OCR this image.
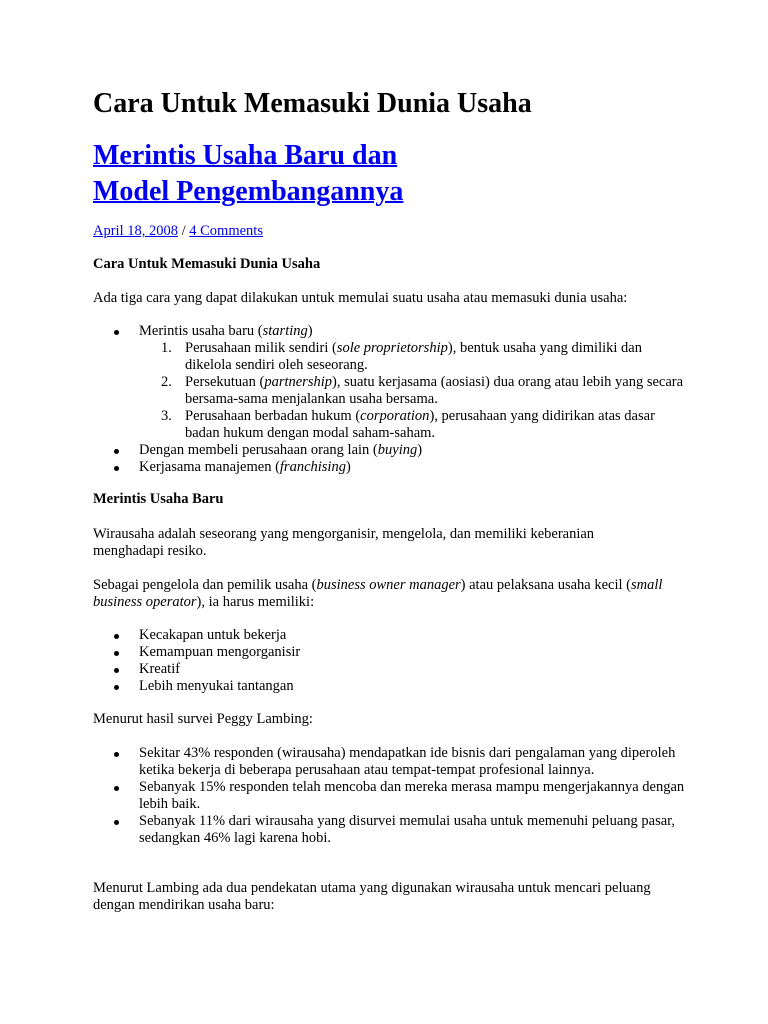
Cara Untuk Memasuki Dunia Usaha
Merintis Usaha Baru dan
Model Pengembangannya
April 18, 2008 / 4 Comments

Cara Untuk Memasuki Dunia Usaha

Ada tiga cara yang dapat dilakukan untuk memulai suatu usaha atau memasuki dunia usaha:

Merintis usaha baru (starting)
1. Perusahaan milik sendiri (sole proprietorship), bentuk usaha yang dimiliki dan dikelola sendiri oleh seseorang.
2. Persekutuan (partnership), suatu kerjasama (aosiasi) dua orang atau lebih yang secara bersama-sama menjalankan usaha bersama.
3. Perusahaan berbadan hukum (corporation), perusahaan yang didirikan atas dasar badan hukum dengan modal saham-saham.
Dengan membeli perusahaan orang lain (buying)
Kerjasama manajemen (franchising)

Merintis Usaha Baru

Wirausaha adalah seseorang yang mengorganisir, mengelola, dan memiliki keberanian menghadapi resiko.

Sebagai pengelola dan pemilik usaha (business owner manager) atau pelaksana usaha kecil (small business operator), ia harus memiliki:

Kecakapan untuk bekerja
Kemampuan mengorganisir
Kreatif
Lebih menyukai tantangan

Menurut hasil survei Peggy Lambing:

Sekitar 43% responden (wirausaha) mendapatkan ide bisnis dari pengalaman yang diperoleh ketika bekerja di beberapa perusahaan atau tempat-tempat profesional lainnya.
Sebanyak 15% responden telah mencoba dan mereka merasa mampu mengerjakannya dengan lebih baik.
Sebanyak 11% dari wirausaha yang disurvei memulai usaha untuk memenuhi peluang pasar, sedangkan 46% lagi karena hobi.

Menurut Lambing ada dua pendekatan utama yang digunakan wirausaha untuk mencari peluang dengan mendirikan usaha baru:
